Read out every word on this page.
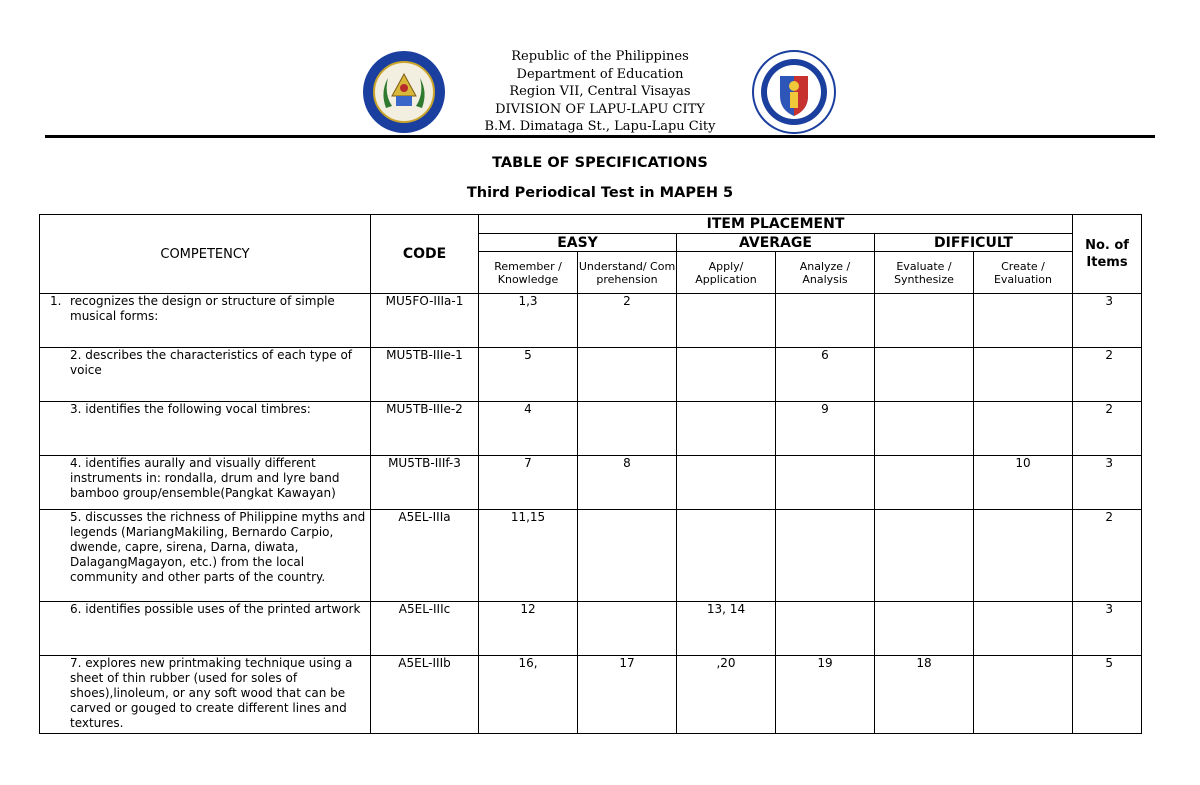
Republic of the Philippines
Department of Education
Region VII, Central Visayas
DIVISION OF LAPU-LAPU CITY
B.M. Dimataga St., Lapu-Lapu City
TABLE OF SPECIFICATIONS
Third Periodical Test in MAPEH 5
COMPETENCY	CODE	ITEM PLACEMENT						No. of Items
		EASY		AVERAGE		DIFFICULT		
		Remember / Knowledge	Understand/ Comprehension	Apply/ Application	Analyze / Analysis	Evaluate / Synthesize	Create / Evaluation	

1. recognizes the design or structure of simple musical forms:	MU5FO-IIIa-1	1,3	2					3

2. describes the characteristics of each type of voice	MU5TB-IIIe-1	5			6			2

3. identifies the following vocal timbres:	MU5TB-IIIe-2	4			9			2

4. identifies aurally and visually different instruments in: rondalla, drum and lyre band bamboo group/ensemble(Pangkat Kawayan)	MU5TB-IIIf-3	7	8				10	3

5. discusses the richness of Philippine myths and legends (MariangMakiling, Bernardo Carpio, dwende, capre, sirena, Darna, diwata, DalagangMagayon, etc.) from the local community and other parts of the country.	A5EL-IIIa	11,15						2

6. identifies possible uses of the printed artwork	A5EL-IIIc	12		13, 14				3

7. explores new printmaking technique using a sheet of thin rubber (used for soles of shoes),linoleum, or any soft wood that can be carved or gouged to create different lines and textures.	A5EL-IIIb	16,	17	,20	19	18		5
